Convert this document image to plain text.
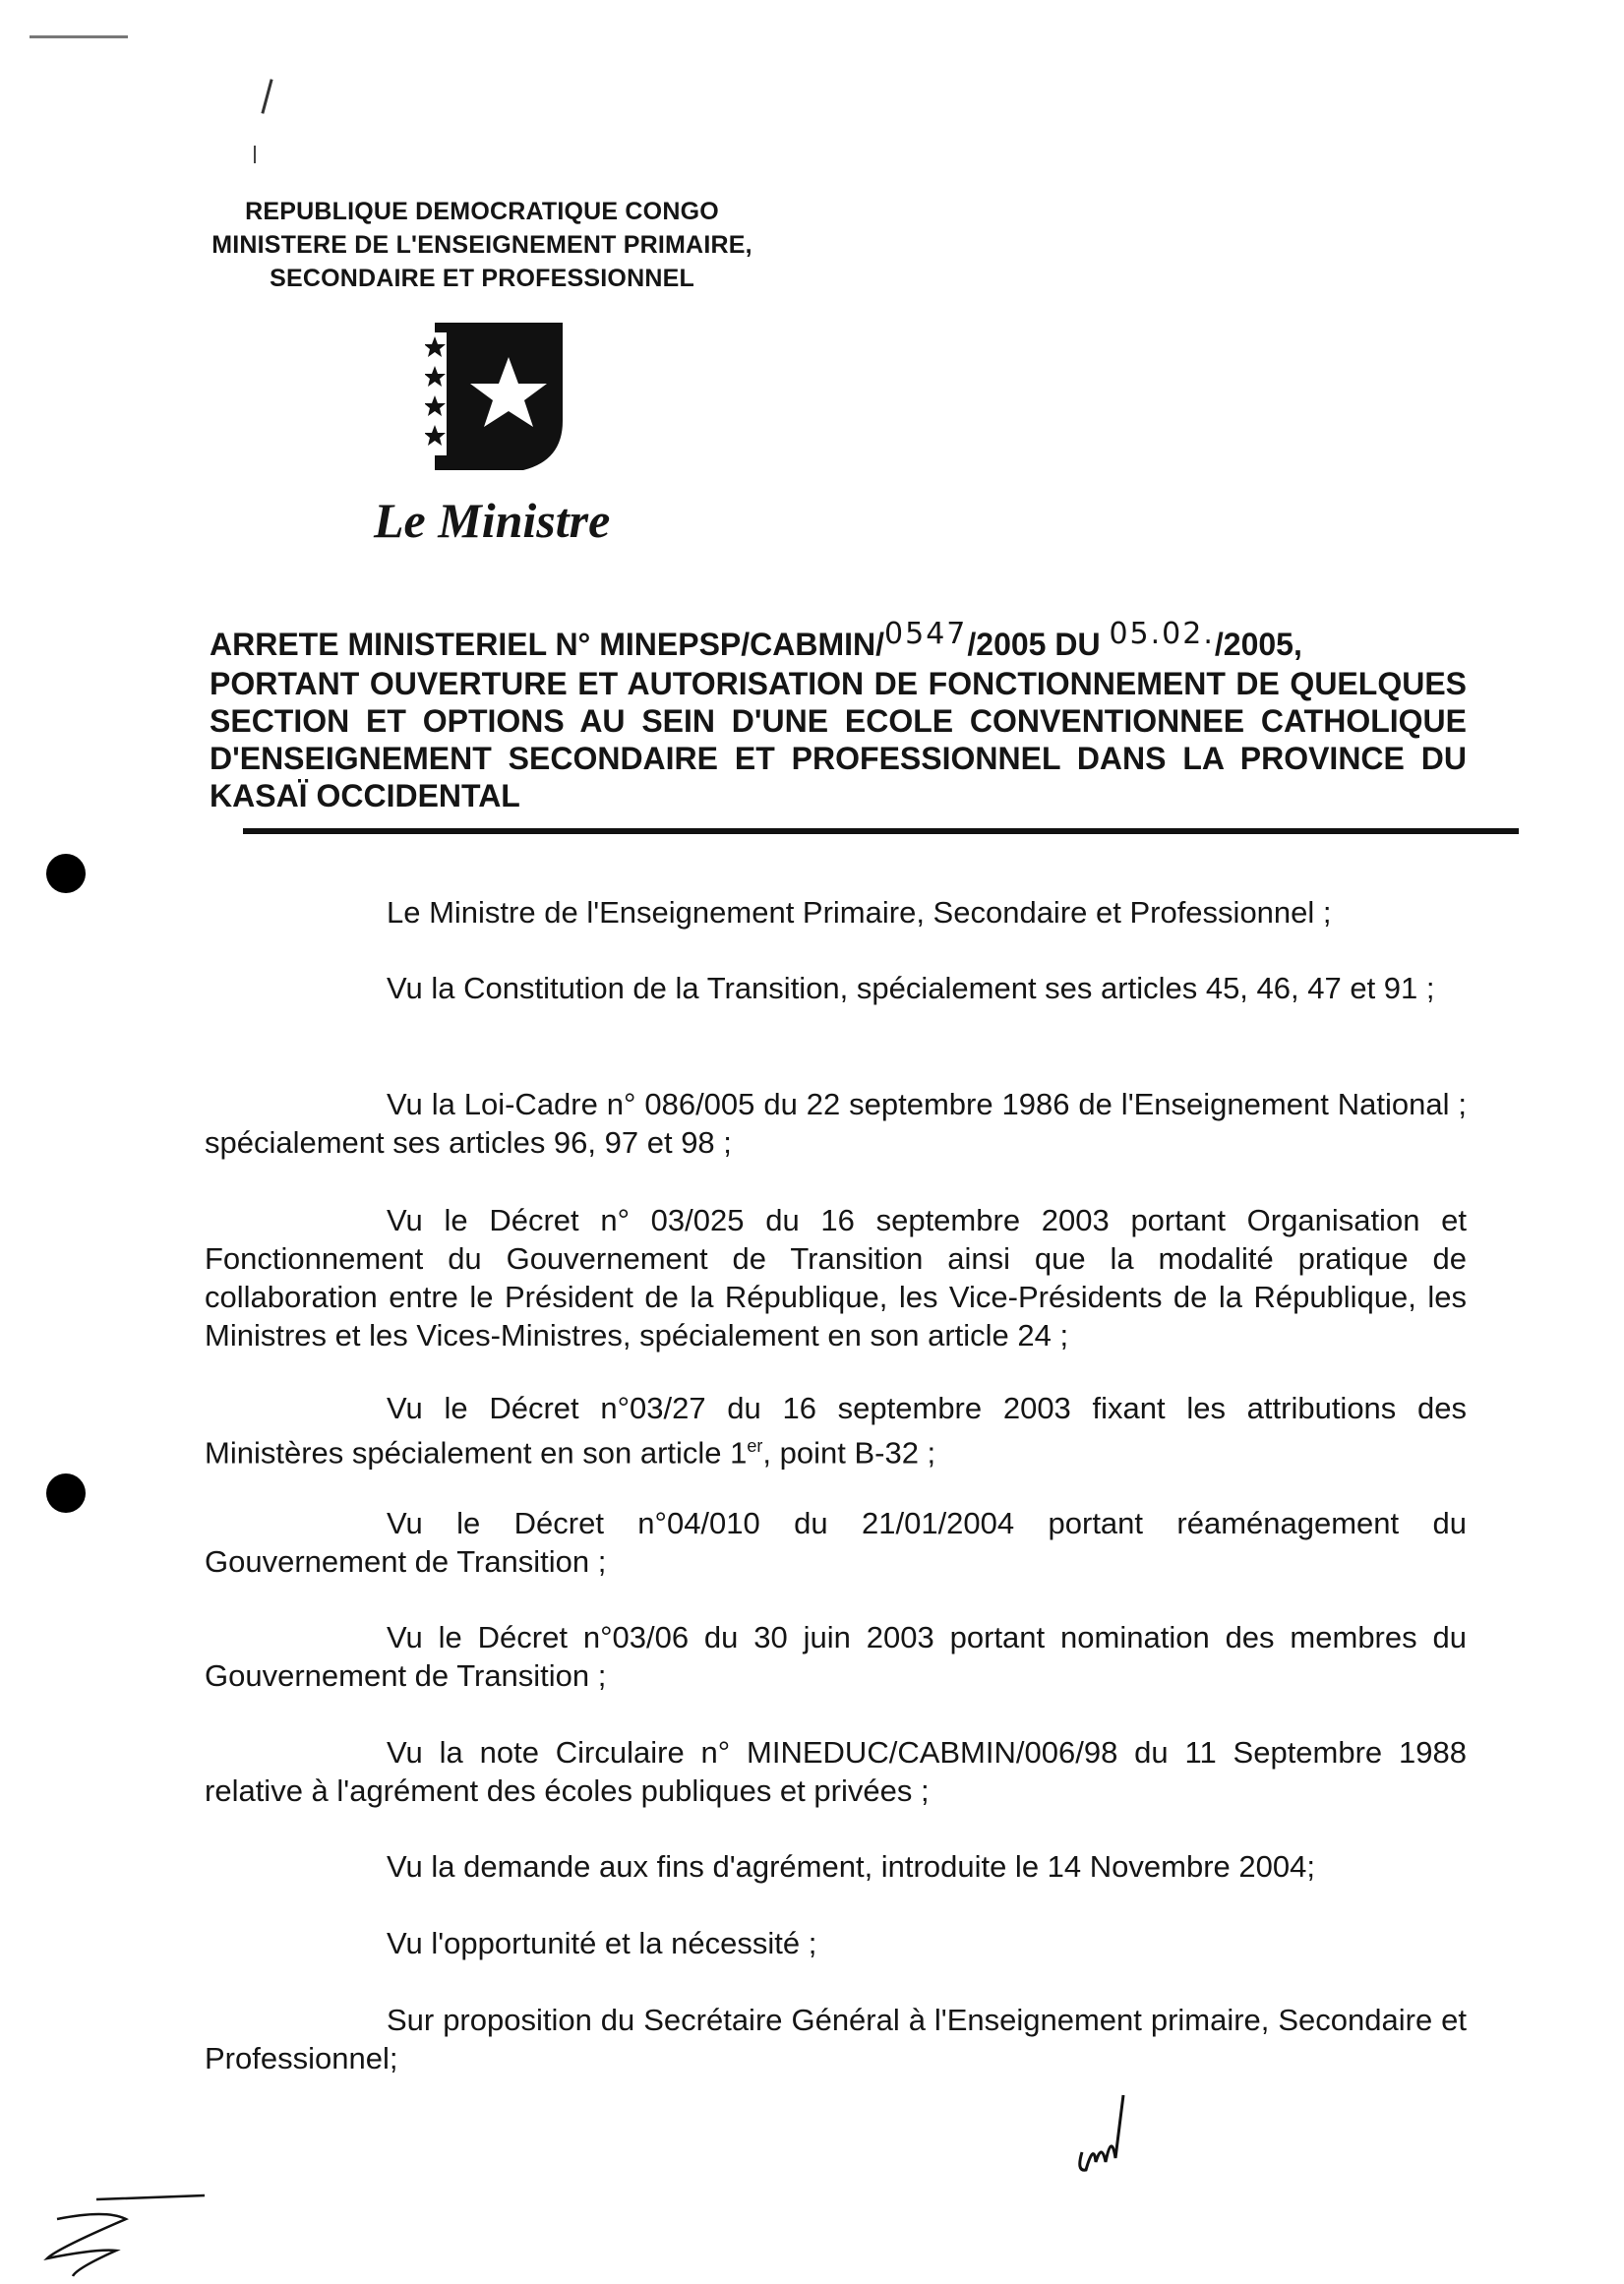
REPUBLIQUE DEMOCRATIQUE CONGO
MINISTERE DE L'ENSEIGNEMENT PRIMAIRE,
SECONDAIRE ET PROFESSIONNEL
Le Ministre
ARRETE MINISTERIEL N° MINEPSP/CABMIN/0547/2005 DU 05.02./2005,
PORTANT OUVERTURE ET AUTORISATION DE FONCTIONNEMENT DE QUELQUES SECTION ET OPTIONS AU SEIN D'UNE ECOLE CONVENTIONNEE CATHOLIQUE D'ENSEIGNEMENT SECONDAIRE ET PROFESSIONNEL DANS LA PROVINCE DU KASAÏ OCCIDENTAL
Le Ministre de l'Enseignement Primaire, Secondaire et Professionnel ;
Vu la Constitution de la Transition, spécialement ses articles 45, 46, 47 et 91 ;
Vu la Loi-Cadre n° 086/005 du 22 septembre 1986 de l'Enseignement National ; spécialement ses articles 96, 97 et 98 ;
Vu le Décret n° 03/025 du 16 septembre 2003 portant Organisation et Fonctionnement du Gouvernement de Transition ainsi que la modalité pratique de collaboration entre le Président de la République, les Vice-Présidents de la République, les Ministres et les Vices-Ministres, spécialement en son article 24 ;
Vu le Décret n°03/27 du 16 septembre 2003 fixant les attributions des Ministères spécialement en son article 1er, point B-32 ;
Vu le Décret n°04/010 du 21/01/2004 portant réaménagement du Gouvernement de Transition ;
Vu le Décret n°03/06 du 30 juin 2003 portant nomination des membres du Gouvernement de Transition ;
Vu la note Circulaire n° MINEDUC/CABMIN/006/98 du 11 Septembre 1988 relative à l'agrément des écoles publiques et privées ;
Vu la demande aux fins d'agrément, introduite le 14 Novembre 2004;
Vu l'opportunité et la nécessité ;
Sur proposition du Secrétaire Général à l'Enseignement primaire, Secondaire et Professionnel;
